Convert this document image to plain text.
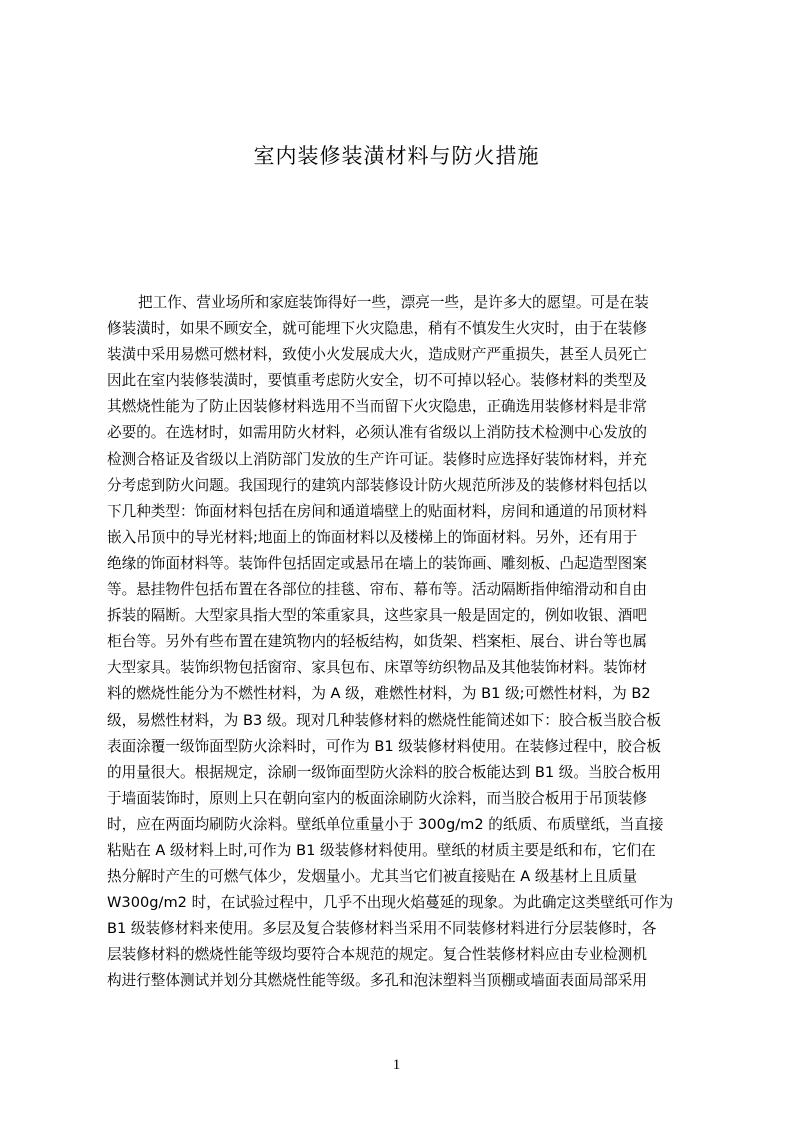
室内装修装潢材料与防火措施
把工作、营业场所和家庭装饰得好一些，漂亮一些，是许多大的愿望。可是在装
修装潢时，如果不顾安全，就可能埋下火灾隐患，稍有不慎发生火灾时，由于在装修
装潢中采用易燃可燃材料，致使小火发展成大火，造成财产严重损失，甚至人员死亡
因此在室内装修装潢时，要慎重考虑防火安全，切不可掉以轻心。装修材料的类型及
其燃烧性能为了防止因装修材料选用不当而留下火灾隐患，正确选用装修材料是非常
必要的。在选材时，如需用防火材料，必须认准有省级以上消防技术检测中心发放的
检测合格证及省级以上消防部门发放的生产许可证。装修时应选择好装饰材料，并充
分考虑到防火问题。我国现行的建筑内部装修设计防火规范所涉及的装修材料包括以
下几种类型：饰面材料包括在房间和通道墙壁上的贴面材料，房间和通道的吊顶材料
嵌入吊顶中的导光材料;地面上的饰面材料以及楼梯上的饰面材料。另外，还有用于
绝缘的饰面材料等。装饰件包括固定或悬吊在墙上的装饰画、雕刻板、凸起造型图案
等。悬挂物件包括布置在各部位的挂毯、帘布、幕布等。活动隔断指伸缩滑动和自由
拆装的隔断。大型家具指大型的笨重家具，这些家具一般是固定的，例如收银、酒吧
柜台等。另外有些布置在建筑物内的轻板结构，如货架、档案柜、展台、讲台等也属
大型家具。装饰织物包括窗帘、家具包布、床罩等纺织物品及其他装饰材料。装饰材
料的燃烧性能分为不燃性材料，为 A 级，难燃性材料，为 B1 级;可燃性材料，为 B2
级，易燃性材料，为 B3 级。现对几种装修材料的燃烧性能简述如下：胶合板当胶合板
表面涂覆一级饰面型防火涂料时，可作为 B1 级装修材料使用。在装修过程中，胶合板
的用量很大。根据规定，涂刷一级饰面型防火涂料的胶合板能达到 B1 级。当胶合板用
于墙面装饰时，原则上只在朝向室内的板面涂刷防火涂料，而当胶合板用于吊顶装修
时，应在两面均刷防火涂料。壁纸单位重量小于 300g/m2 的纸质、布质壁纸，当直接
粘贴在 A 级材料上时,可作为 B1 级装修材料使用。壁纸的材质主要是纸和布，它们在
热分解时产生的可燃气体少，发烟量小。尤其当它们被直接贴在 A 级基材上且质量
W300g/m2 时，在试验过程中，几乎不出现火焰蔓延的现象。为此确定这类壁纸可作为
B1 级装修材料来使用。多层及复合装修材料当采用不同装修材料进行分层装修时，各
层装修材料的燃烧性能等级均要符合本规范的规定。复合性装修材料应由专业检测机
构进行整体测试并划分其燃烧性能等级。多孔和泡沫塑料当顶棚或墙面表面局部采用
1
